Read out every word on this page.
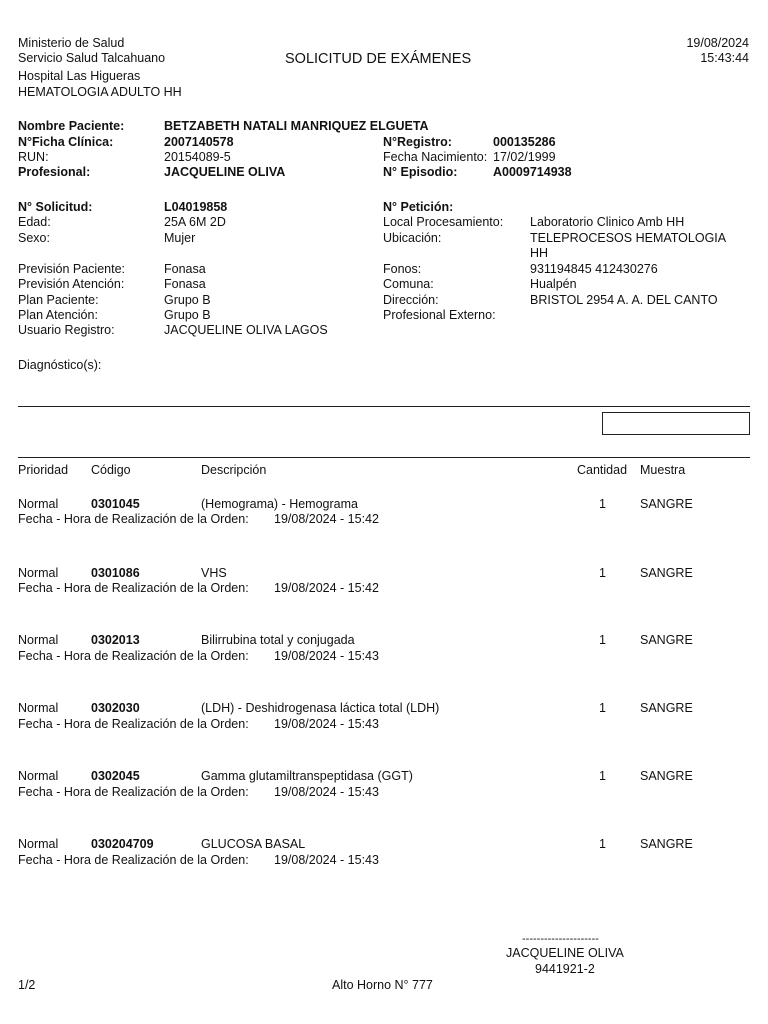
Ministerio de Salud
Servicio Salud Talcahuano
Hospital Las Higueras
HEMATOLOGIA ADULTO HH
SOLICITUD DE EXÁMENES
19/08/2024
15:43:44
Nombre Paciente:	BETZABETH NATALI MANRIQUEZ ELGUETA
N°Ficha Clínica:	2007140578	N°Registro:	000135286
RUN:	20154089-5	Fecha Nacimiento: 17/02/1999
Profesional:	JACQUELINE OLIVA	N° Episodio:	A0009714938
N° Solicitud:	L04019858	N° Petición:
Edad:	25A 6M 2D	Local Procesamiento: Laboratorio Clinico Amb HH
Sexo:	Mujer	Ubicación:	TELEPROCESOS HEMATOLOGIA
HH
Previsión Paciente:	Fonasa	Fonos:	931194845 412430276
Previsión Atención:	Fonasa	Comuna:	Hualpén
Plan Paciente:	Grupo B	Dirección:	BRISTOL 2954 A. A. DEL CANTO
Plan Atención:	Grupo B	Profesional Externo:
Usuario Registro:	JACQUELINE OLIVA LAGOS
Diagnóstico(s):
Prioridad Código	Descripción	Cantidad Muestra
Normal	0301045	(Hemograma) - Hemograma	1	SANGRE
Fecha - Hora de Realización de la Orden: 19/08/2024 - 15:42
Normal	0301086	VHS	1	SANGRE
Fecha - Hora de Realización de la Orden: 19/08/2024 - 15:42
Normal	0302013	Bilirrubina total y conjugada	1	SANGRE
Fecha - Hora de Realización de la Orden: 19/08/2024 - 15:43
Normal	0302030	(LDH) - Deshidrogenasa láctica total (LDH)	1	SANGRE
Fecha - Hora de Realización de la Orden: 19/08/2024 - 15:43
Normal	0302045	Gamma glutamiltranspeptidasa (GGT)	1	SANGRE
Fecha - Hora de Realización de la Orden: 19/08/2024 - 15:43
Normal	030204709	GLUCOSA BASAL	1	SANGRE
Fecha - Hora de Realización de la Orden: 19/08/2024 - 15:43
---------------------
JACQUELINE OLIVA
9441921-2
1/2	Alto Horno N° 777
